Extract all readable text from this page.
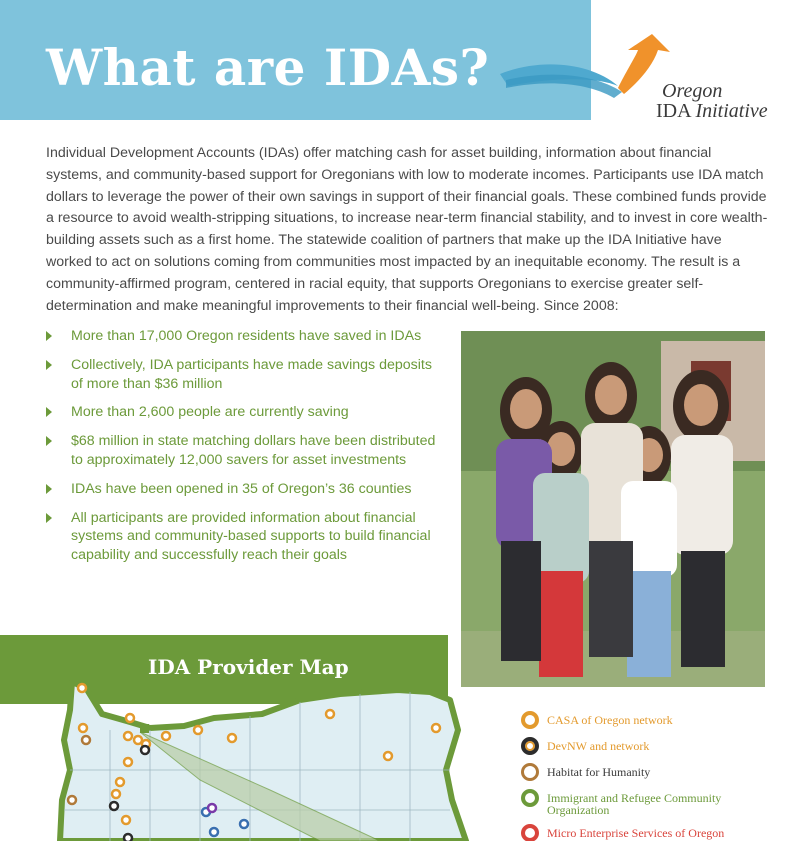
What are IDAs?	Oregon
IDA Initiative

Individual Development Accounts (IDAs) offer matching cash for asset building, information about financial systems, and community-based support for Oregonians with low to moderate incomes. Participants use IDA match dollars to leverage the power of their own savings in support of their financial goals. These combined funds provide a resource to avoid wealth-stripping situations, to increase near-term financial stability, and to invest in core wealth-building assets such as a first home. The statewide coalition of partners that make up the IDA Initiative have worked to act on solutions coming from communities most impacted by an inequitable economy. The result is a community-affirmed program, centered in racial equity, that supports Oregonians to exercise greater self-determination and make meaningful improvements to their financial well-being. Since 2008:

More than 17,000 Oregon residents have saved in IDAs
Collectively, IDA participants have made savings deposits of more than $36 million
More than 2,600 people are currently saving
$68 million in state matching dollars have been distributed to approximately 12,000 savers for asset investments
IDAs have been opened in 35 of Oregon’s 36 counties
All participants are provided information about financial systems and community-based supports to build financial capability and successfully reach their goals
IDA Provider Map
CASA of Oregon network
DevNW and network
Habitat for Humanity
Immigrant and Refugee Community Organization
Micro Enterprise Services of Oregon
